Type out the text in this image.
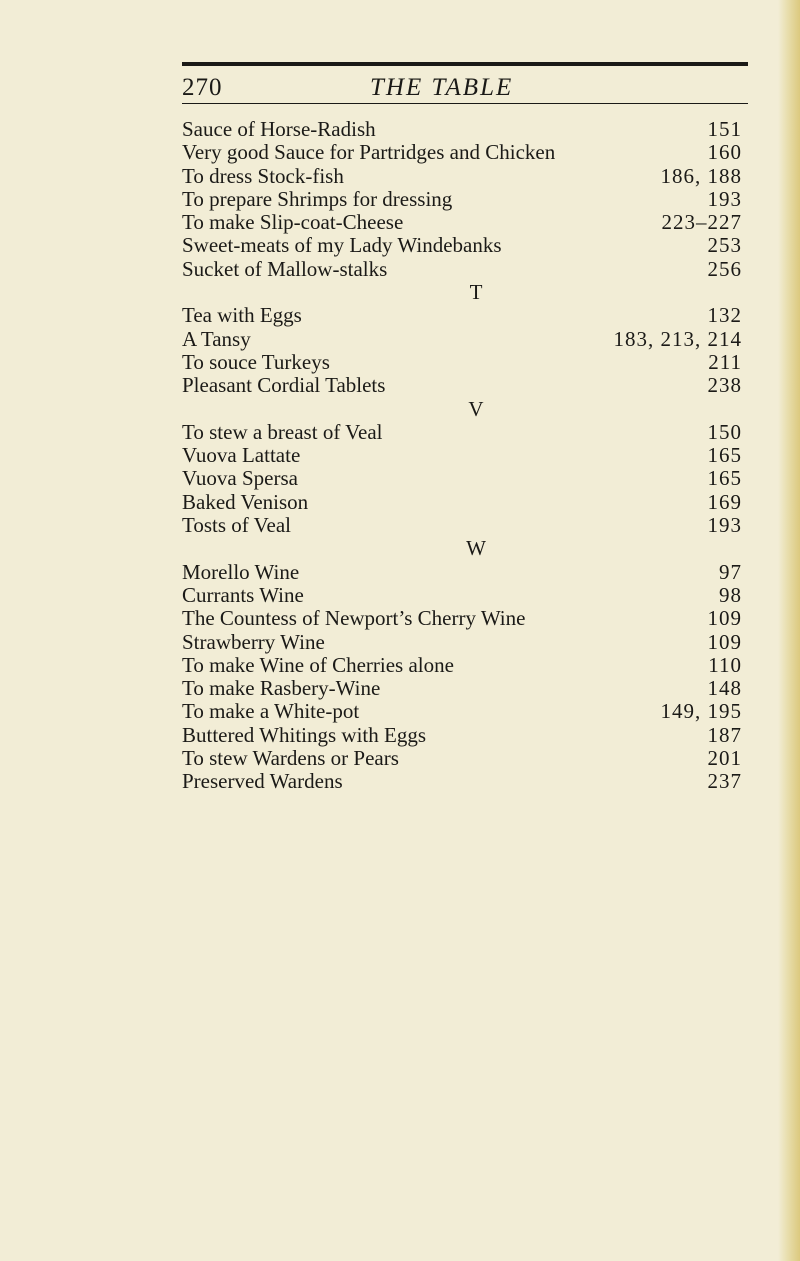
270	THE TABLE
Sauce of Horse-Radish	151
Very good Sauce for Partridges and Chicken	160
To dress Stock-fish	186, 188
To prepare Shrimps for dressing	193
To make Slip-coat-Cheese	223–227
Sweet-meats of my Lady Windebanks	253
Sucket of Mallow-stalks	256
T
Tea with Eggs	132
A Tansy	183, 213, 214
To souce Turkeys	211
Pleasant Cordial Tablets	238
V
To stew a breast of Veal	150
Vuova Lattate	165
Vuova Spersa	165
Baked Venison	169
Tosts of Veal	193
W
Morello Wine	97
Currants Wine	98
The Countess of Newport’s Cherry Wine	109
Strawberry Wine	109
To make Wine of Cherries alone	110
To make Rasbery-Wine	148
To make a White-pot	149, 195
Buttered Whitings with Eggs	187
To stew Wardens or Pears	201
Preserved Wardens	237
